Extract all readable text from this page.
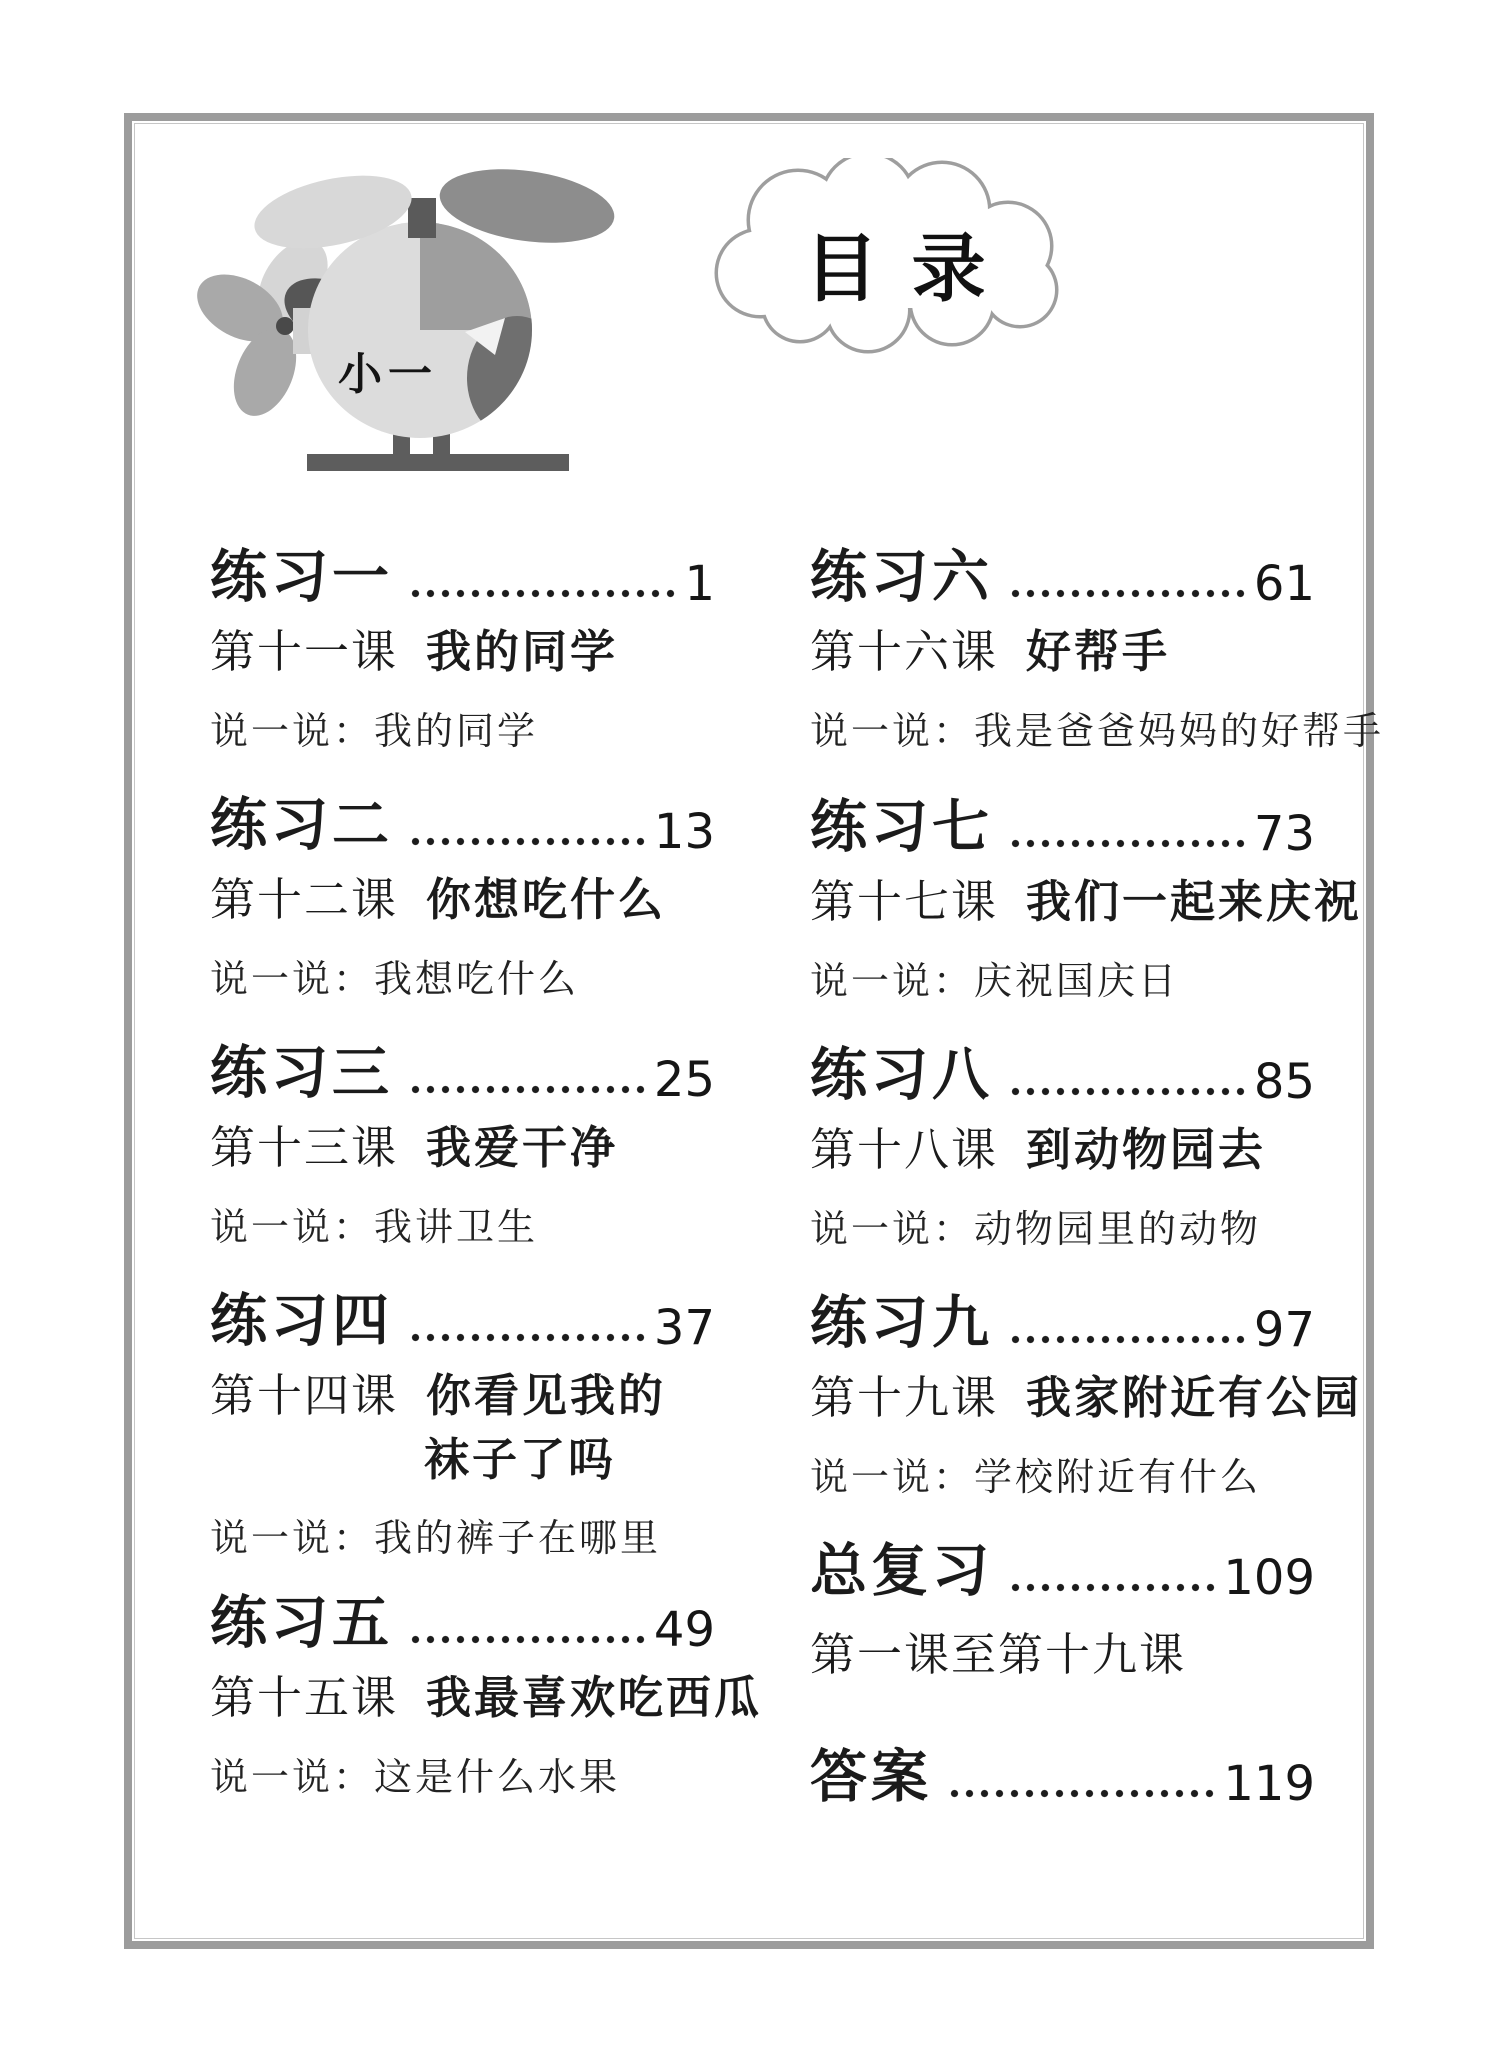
小一
目录
练习一	1
第十一课 我的同学
说一说：我的同学
练习二	13
第十二课 你想吃什么
说一说：我想吃什么
练习三	25
第十三课 我爱干净
说一说：我讲卫生
练习四	37
第十四课 你看见我的
袜子了吗
说一说：我的裤子在哪里
练习五	49
第十五课 我最喜欢吃西瓜
说一说：这是什么水果
练习六	61
第十六课 好帮手
说一说：我是爸爸妈妈的好帮手
练习七	73
第十七课 我们一起来庆祝
说一说：庆祝国庆日
练习八	85
第十八课 到动物园去
说一说：动物园里的动物
练习九	97
第十九课 我家附近有公园
说一说：学校附近有什么
总复习	109
第一课至第十九课
答案	119
